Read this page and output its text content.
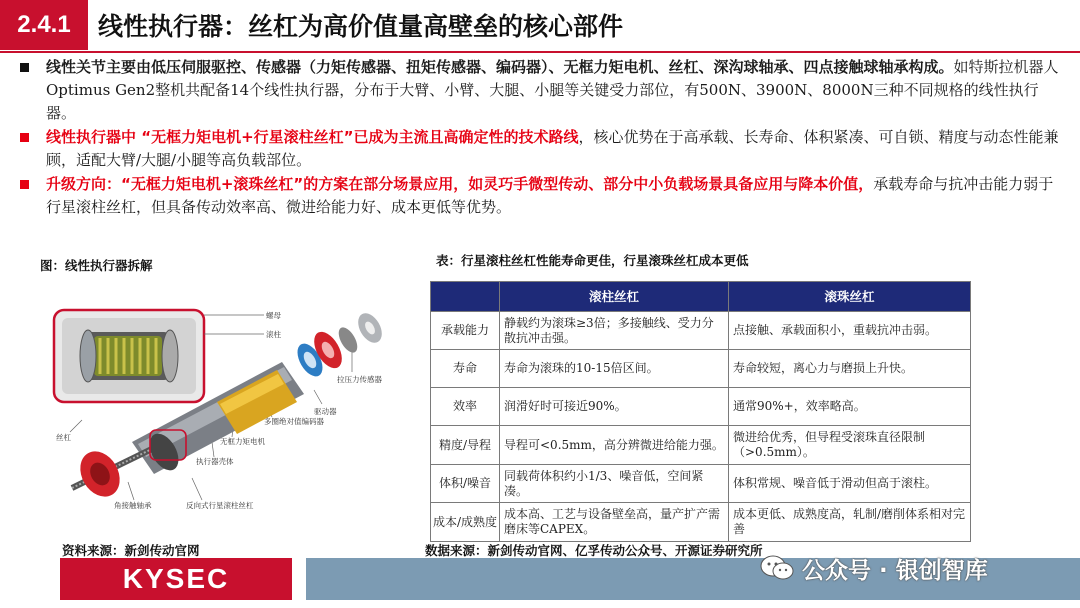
2.4.1	线性执行器：丝杠为高价值量高壁垒的核心部件
线性关节主要由低压伺服驱控、传感器（力矩传感器、扭矩传感器、编码器）、无框力矩电机、丝杠、深沟球轴承、四点接触球轴承构成。如特斯拉机器人Optimus Gen2整机共配备14个线性执行器，分布于大臂、小臂、大腿、小腿等关键受力部位，有500N、3900N、8000N三种不同规格的线性执行器。
线性执行器中 “无框力矩电机+行星滚柱丝杠”已成为主流且高确定性的技术路线，核心优势在于高承载、长寿命、体积紧凑、可自锁、精度与动态性能兼顾，适配大臂/大腿/小腿等高负载部位。
升级方向：“无框力矩电机+滚珠丝杠”的方案在部分场景应用，如灵巧手微型传动、部分中小负载场景具备应用与降本价值，承载寿命与抗冲击能力弱于行星滚柱丝杠，但具备传动效率高、微进给能力好、成本更低等优势。
图：线性执行器拆解	表：行星滚柱丝杠性能寿命更佳，行星滚珠丝杠成本更低
螺母
滚柱
拉压力传感器
驱动器
多圈绝对值编码器
无框力矩电机
执行器壳体
丝杠
角接触轴承	反向式行星滚柱丝杠
	滚柱丝杠	滚珠丝杠
承载能力	静载约为滚珠≥3倍；多接触线、受力分散抗冲击强。	点接触、承载面积小，重载抗冲击弱。
寿命	寿命为滚珠的10-15倍区间。	寿命较短，离心力与磨损上升快。
效率	润滑好时可接近90%。	通常90%+，效率略高。
精度/导程	导程可<0.5mm，高分辨微进给能力强。	微进给优秀，但导程受滚珠直径限制（>0.5mm）。
体积/噪音	同载荷体积约小1/3、噪音低，空间紧凑。	体积常规、噪音低于滑动但高于滚柱。
成本/成熟度	成本高、工艺与设备壁垒高，量产扩产需磨床等CAPEX。	成本更低、成熟度高，轧制/磨削体系相对完善
资料来源：新剑传动官网	数据来源：新剑传动官网、亿孚传动公众号、开源证券研究所
KYSEC	公众号 · 银创智库
